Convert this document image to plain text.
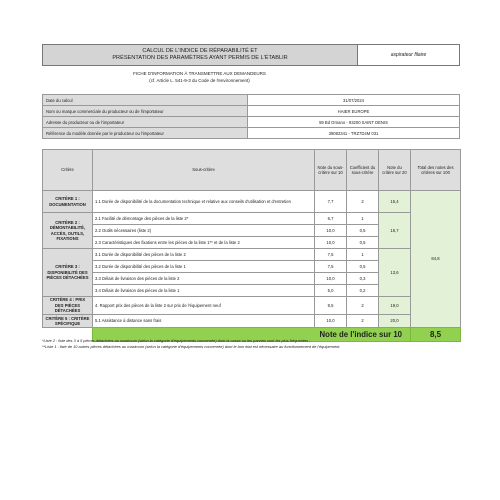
CALCUL DE L'INDICE DE RÉPARABILITÉ ET
PRÉSENTATION DES PARAMÈTRES AYANT PERMIS DE L'ÉTABLIR	aspirateur filaire
FICHE D'INFORMATION À TRANSMETTRE AUX DEMANDEURS
(cf. Article L. 541-9-3 du Code de l'environnement)
Date du calcul	31/07/2024
Nom ou marque commerciale du producteur ou de l'importateur	HAIER EUROPE
Adresse du producteur ou de l'importateur	59 Bd Ornano - 93200 SAINT DENIS
Référence du modèle donnée par le producteur ou l'importateur	39082341 - TRZ7D4M 031
Critère	Sous-critère	Note du sous-critère sur 10	Coefficient du sous-critère	Note du critère sur 20	Total des notes des critères sur 100
CRITÈRE 1 : DOCUMENTATION	1.1 Durée de disponibilité de la documentation technique et relative aux conseils d'utilisation et d'entretien	7,7	2	15,4	84,8
CRITÈRE 2 : DÉMONTABILITÉ, ACCÈS, OUTILS, FIXATIONS	2.1 Facilité de démontage des pièces de la liste 2*	6,7	1	16,7	
	2.2 Outils nécessaires (liste 2)	10,0	0,5		
	2.3 Caractéristiques des fixations entre les pièces de la liste 1** et de la liste 2	10,0	0,5		
CRITÈRE 3 : DISPONIBILITÉ DES PIÈCES DÉTACHÉES	3.1 Durée de disponibilité des pièces de la liste 2	7,5	1	13,6	
	3.2 Durée de disponibilité des pièces de la liste 1	7,5	0,5		
	3.3 Délais de livraison des pièces de la liste 2	10,0	0,3		
	3.4 Délais de livraison des pièces de la liste 1	5,0	0,2		
CRITÈRE 4 : PRIX DES PIÈCES DÉTACHÉES	4. Rapport prix des pièces de la liste 2 sur prix de l'équipement neuf	9,5	2	19,0	
CRITÈRE 5 : CRITÈRE SPÉCIFIQUE	5.1 Assistance à distance sans frais	10,0	2	20,0	
	Note de l'indice sur 10				8,5
*Liste 2 : liste des 3 à 5 pièces détachées au maximum (selon la catégorie d'équipements concernée) dont la casse ou les pannes sont les plus fréquentes ;
**Liste 1 : liste de 10 autres pièces détachées au maximum (selon la catégorie d'équipements concernée) dont le bon état est nécessaire au fonctionnement de l'équipement.
